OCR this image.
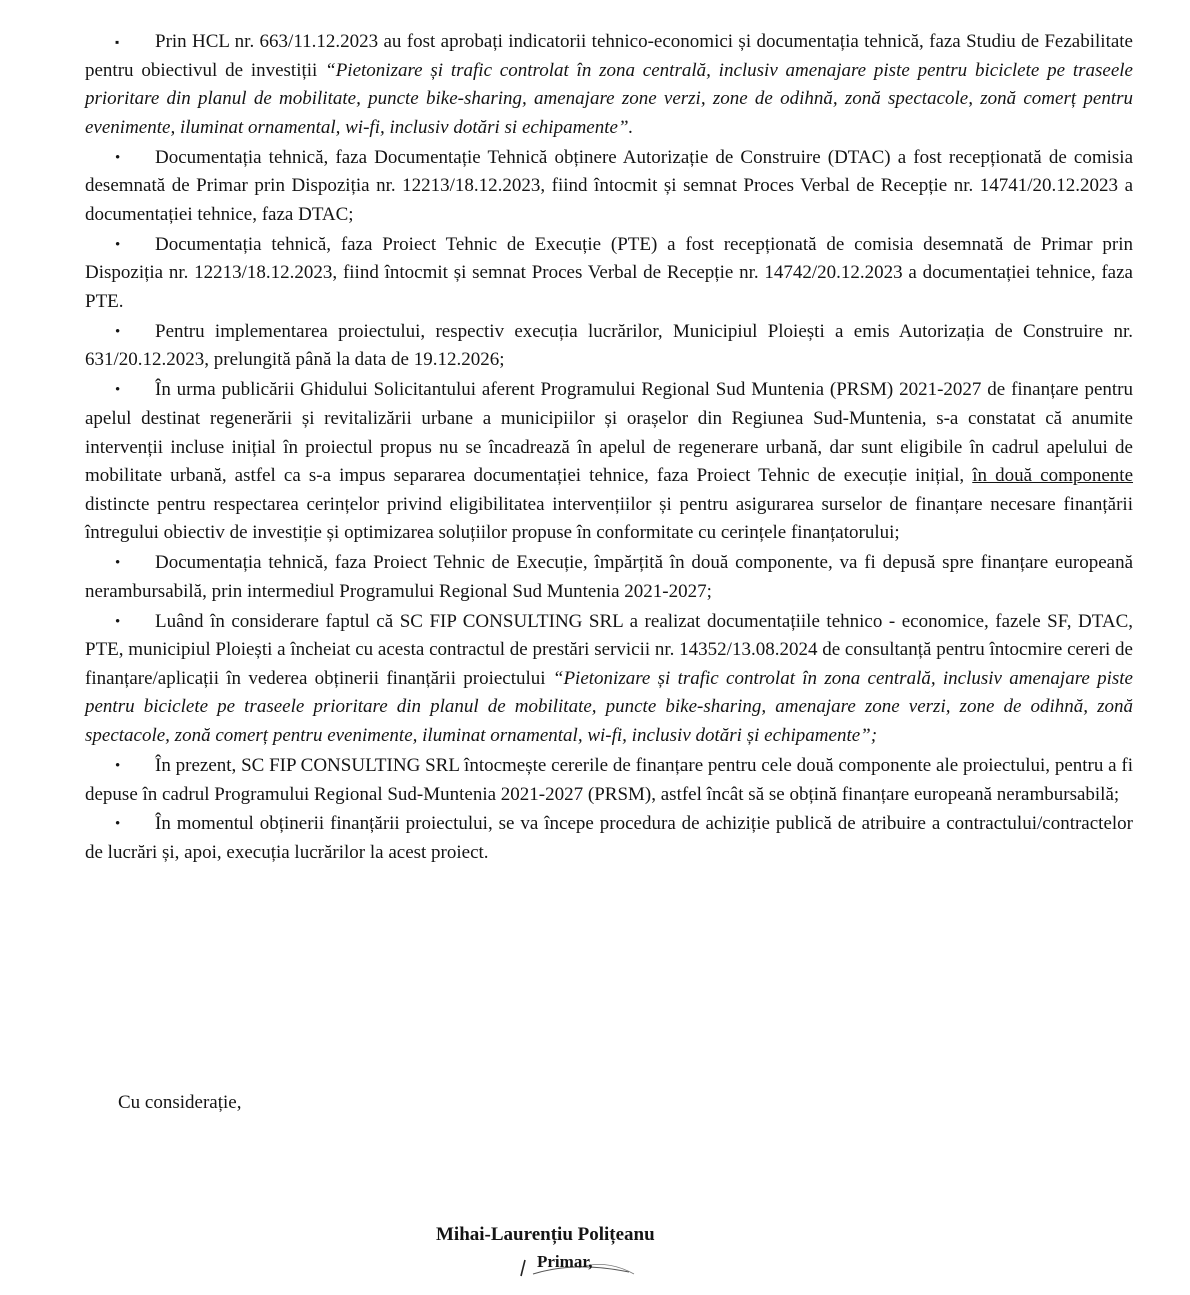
▪	Prin HCL nr. 663/11.12.2023 au fost aprobați indicatorii tehnico-economici și documentația tehnică, faza Studiu de Fezabilitate pentru obiectivul de investiții “Pietonizare și trafic controlat în zona centrală, inclusiv amenajare piste pentru biciclete pe traseele prioritare din planul de mobilitate, puncte bike-sharing, amenajare zone verzi, zone de odihnă, zonă spectacole, zonă comerț pentru evenimente, iluminat ornamental, wi-fi, inclusiv dotări si echipamente”.

•	Documentația tehnică, faza Documentație Tehnică obținere Autorizație de Construire (DTAC) a fost recepționată de comisia desemnată de Primar prin Dispoziția nr. 12213/18.12.2023, fiind întocmit și semnat Proces Verbal de Recepție nr. 14741/20.12.2023 a documentației tehnice, faza DTAC;

•	Documentația tehnică, faza Proiect Tehnic de Execuție (PTE) a fost recepționată de comisia desemnată de Primar prin Dispoziția nr. 12213/18.12.2023, fiind întocmit și semnat Proces Verbal de Recepție nr. 14742/20.12.2023 a documentației tehnice, faza PTE.

•	Pentru implementarea proiectului, respectiv execuția lucrărilor, Municipiul Ploiești a emis Autorizația de Construire nr. 631/20.12.2023, prelungită până la data de 19.12.2026;

•	În urma publicării Ghidului Solicitantului aferent Programului Regional Sud Muntenia (PRSM) 2021-2027 de finanțare pentru apelul destinat regenerării și revitalizării urbane a municipiilor și orașelor din Regiunea Sud-Muntenia, s-a constatat că anumite intervenții incluse inițial în proiectul propus nu se încadrează în apelul de regenerare urbană, dar sunt eligibile în cadrul apelului de mobilitate urbană, astfel ca s-a impus separarea documentației tehnice, faza Proiect Tehnic de execuție inițial, în două componente distincte pentru respectarea cerințelor privind eligibilitatea intervențiilor și pentru asigurarea surselor de finanțare necesare finanțării întregului obiectiv de investiție și optimizarea soluțiilor propuse în conformitate cu cerințele finanțatorului;

•	Documentația tehnică, faza Proiect Tehnic de Execuție, împărțită în două componente, va fi depusă spre finanțare europeană nerambursabilă, prin intermediul Programului Regional Sud Muntenia 2021-2027;

•	Luând în considerare faptul că SC FIP CONSULTING SRL a realizat documentațiile tehnico - economice, fazele SF, DTAC, PTE, municipiul Ploiești a încheiat cu acesta contractul de prestări servicii nr. 14352/13.08.2024 de consultanță pentru întocmire cereri de finanțare/aplicații în vederea obținerii finanțării proiectului “Pietonizare și trafic controlat în zona centrală, inclusiv amenajare piste pentru biciclete pe traseele prioritare din planul de mobilitate, puncte bike-sharing, amenajare zone verzi, zone de odihnă, zonă spectacole, zonă comerț pentru evenimente, iluminat ornamental, wi-fi, inclusiv dotări și echipamente”;

•	În prezent, SC FIP CONSULTING SRL întocmește cererile de finanțare pentru cele două componente ale proiectului, pentru a fi depuse în cadrul Programului Regional Sud-Muntenia 2021-2027 (PRSM), astfel încât să se obțină finanțare europeană nerambursabilă;

•	În momentul obținerii finanțării proiectului, se va începe procedura de achiziție publică de atribuire a contractului/contractelor de lucrări și, apoi, execuția lucrărilor la acest proiect.

Cu considerație,
Mihai-Laurențiu Polițeanu
Primar,
